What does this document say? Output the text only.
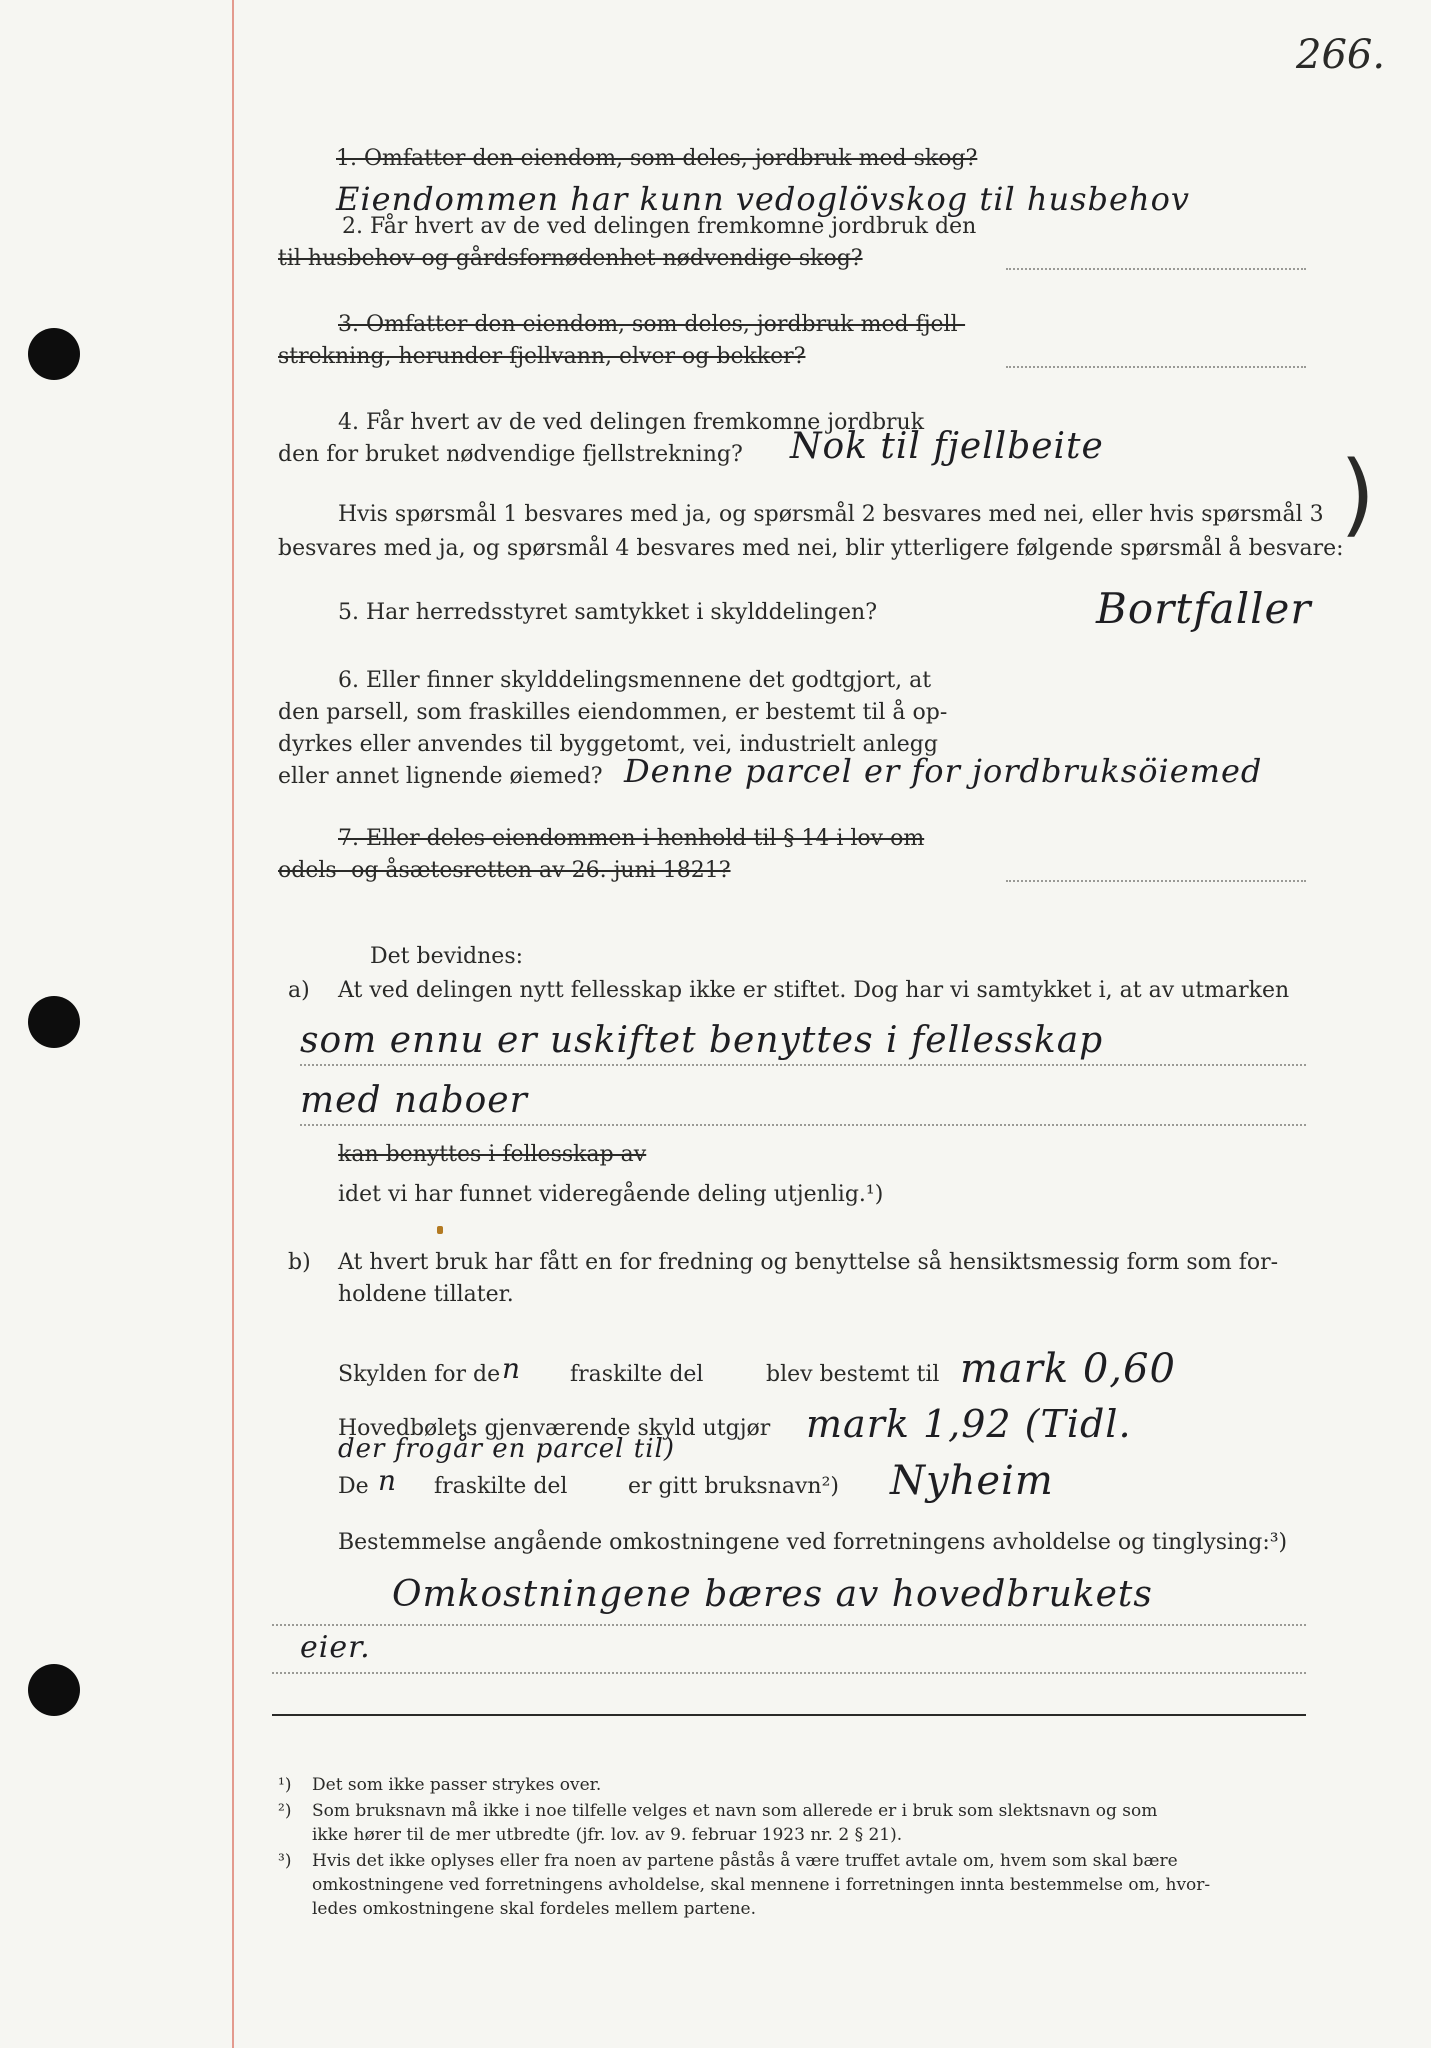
266.
1. Omfatter den eiendom, som deles, jordbruk med skog?
Eiendommen har kunn vedoglövskog til husbehov
2. Får hvert av de ved delingen fremkomne jordbruk den
til husbehov og gårdsfornødenhet nødvendige skog?
3. Omfatter den eiendom, som deles, jordbruk med fjell-
strekning, herunder fjellvann, elver og bekker?
4. Får hvert av de ved delingen fremkomne jordbruk
den for bruket nødvendige fjellstrekning? Nok til fjellbeite	)
Hvis spørsmål 1 besvares med ja, og spørsmål 2 besvares med nei, eller hvis spørsmål 3
besvares med ja, og spørsmål 4 besvares med nei, blir ytterligere følgende spørsmål å besvare:
5. Har herredsstyret samtykket i skylddelingen?	Bortfaller
6. Eller finner skylddelingsmennene det godtgjort, at
den parsell, som fraskilles eiendommen, er bestemt til å op-
dyrkes eller anvendes til byggetomt, vei, industrielt anlegg
eller annet lignende øiemed? Denne parcel er for jordbruksöiemed
7. Eller deles eiendommen i henhold til § 14 i lov om
odels- og åsætesretten av 26. juni 1821?
Det bevidnes:
a) At ved delingen nytt fellesskap ikke er stiftet. Dog har vi samtykket i, at av utmarken
som ennu er uskiftet benyttes i fellesskap
med naboer
kan benyttes i fellesskap av
idet vi har funnet videregående deling utjenlig.¹)
b) At hvert bruk har fått en for fredning og benyttelse så hensiktsmessig form som for-
holdene tillater.
Skylden for de n fraskilte del	blev bestemt til mark 0,60
Hovedbølets gjenværende skyld utgjør mark 1,92 (Tidl.
der frogår en parcel til)
De n fraskilte del	er gitt bruksnavn²) Nyheim
Bestemmelse angående omkostningene ved forretningens avholdelse og tinglysing:³)
Omkostningene bæres av hovedbrukets
eier.
¹) Det som ikke passer strykes over.
²) Som bruksnavn må ikke i noe tilfelle velges et navn som allerede er i bruk som slektsnavn og som
ikke hører til de mer utbredte (jfr. lov. av 9. februar 1923 nr. 2 § 21).
³) Hvis det ikke oplyses eller fra noen av partene påstås å være truffet avtale om, hvem som skal bære
omkostningene ved forretningens avholdelse, skal mennene i forretningen innta bestemmelse om, hvor-
ledes omkostningene skal fordeles mellem partene.
